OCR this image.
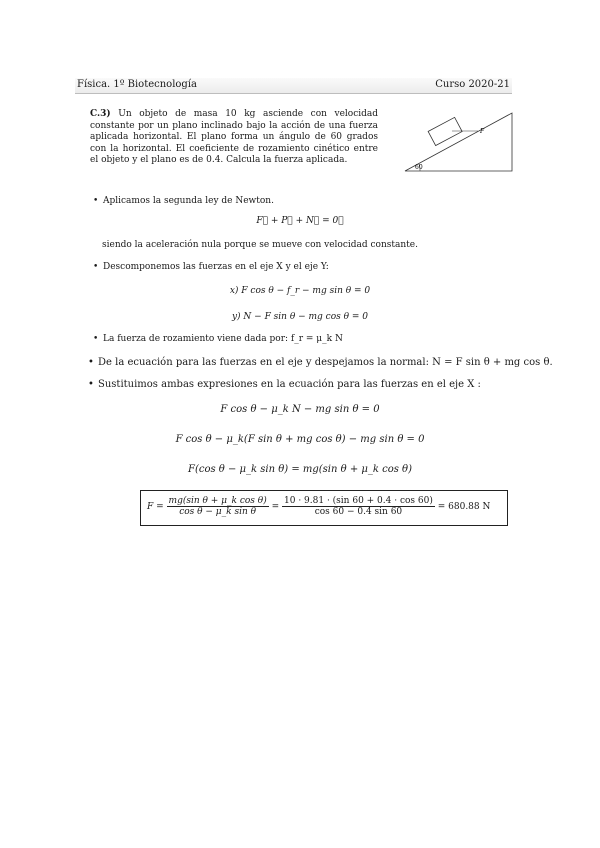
Física. 1º Biotecnología	Curso 2020-21
C.3) Un objeto de masa 10 kg asciende con velocidad constante por un plano inclinado bajo la acción de una fuerza aplicada horizontal. El plano forma un ángulo de 60 grados con la horizontal. El coeficiente de rozamiento cinético entre el objeto y el plano es de 0.4. Calcula la fuerza aplicada.
F
60
• Aplicamos la segunda ley de Newton.
F⃗ + P⃗ + N⃗ = 0⃗
siendo la aceleración nula porque se mueve con velocidad constante.
• Descomponemos las fuerzas en el eje X y el eje Y:
x) F cos θ − f_r − mg sin θ = 0
y) N − F sin θ − mg cos θ = 0
• La fuerza de rozamiento viene dada por: f_r = μ_k N
• De la ecuación para las fuerzas en el eje y despejamos la normal: N = F sin θ + mg cos θ.
• Sustituimos ambas expresiones en la ecuación para las fuerzas en el eje X :
F cos θ − μ_k N − mg sin θ = 0
F cos θ − μ_k(F sin θ + mg cos θ) − mg sin θ = 0
F(cos θ − μ_k sin θ) = mg(sin θ + μ_k cos θ)
$F = \frac{\text{mg(sin θ + μ\_k cos θ)}}{\text{cos θ − μ\_k sin θ}} = \frac{10 \cdot 9.81 \cdot (\sin 60 + 0.4 \cdot \cos 60)}{\cos 60 - 0.4 \sin 60} = 680.88$ N
